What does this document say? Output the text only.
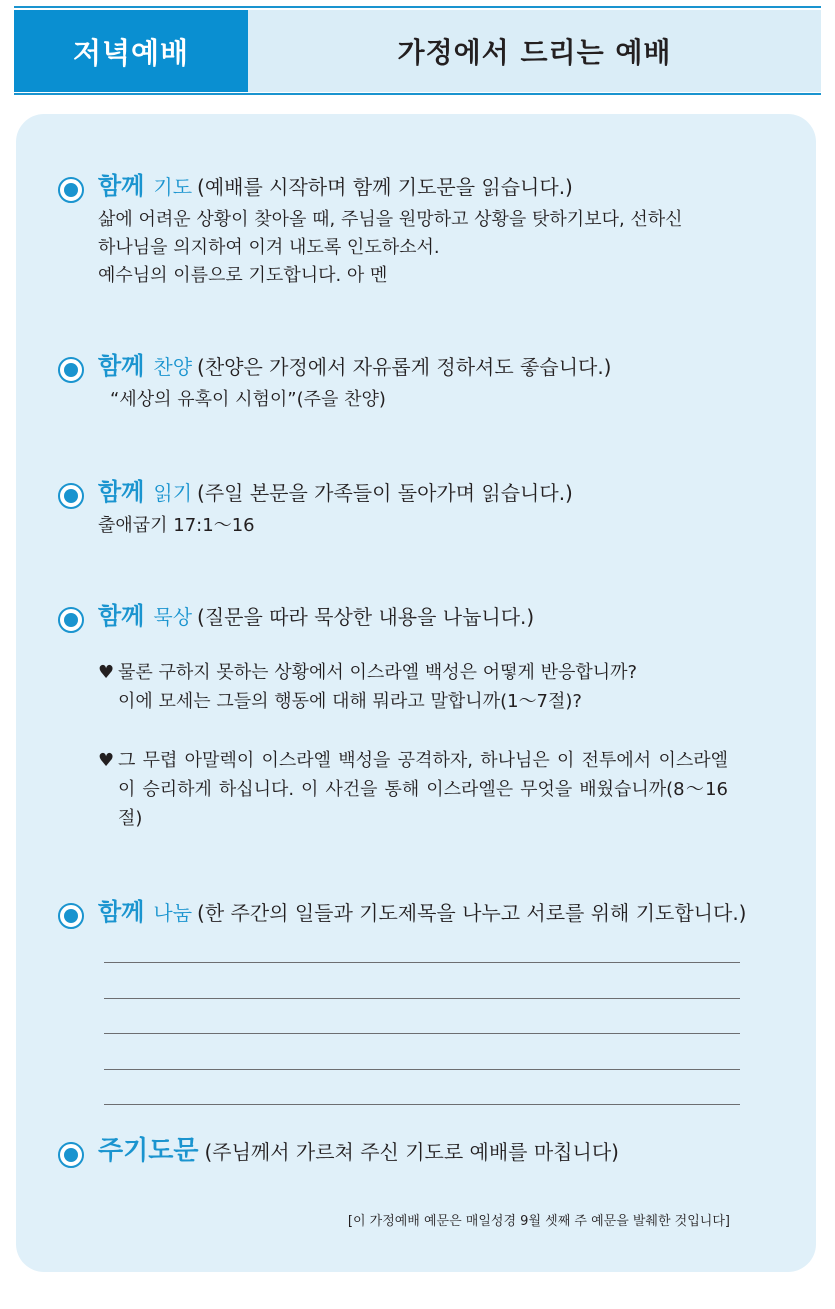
저녁예배	가정에서 드리는 예배
함께 기도 (예배를 시작하며 함께 기도문을 읽습니다.)
삶에 어려운 상황이 찾아올 때, 주님을 원망하고 상황을 탓하기보다, 선하신
하나님을 의지하여 이겨 내도록 인도하소서.
예수님의 이름으로 기도합니다. 아 멘
함께 찬양 (찬양은 가정에서 자유롭게 정하셔도 좋습니다.)
“세상의 유혹이 시험이”(주을 찬양)
함께 읽기 (주일 본문을 가족들이 돌아가며 읽습니다.)
출애굽기 17:1～16
함께 묵상 (질문을 따라 묵상한 내용을 나눕니다.)
♥ 물론 구하지 못하는 상황에서 이스라엘 백성은 어떻게 반응합니까?
이에 모세는 그들의 행동에 대해 뭐라고 말합니까(1～7절)?
♥ 그 무렵 아말렉이 이스라엘 백성을 공격하자, 하나님은 이 전투에서 이스라엘이 승리하게 하십니다. 이 사건을 통해 이스라엘은 무엇을 배웠습니까(8～16절)
함께 나눔 (한 주간의 일들과 기도제목을 나누고 서로를 위해 기도합니다.)
주기도문 (주님께서 가르쳐 주신 기도로 예배를 마칩니다)
[이 가정예배 예문은 매일성경 9월 셋째 주 예문을 발췌한 것입니다]
